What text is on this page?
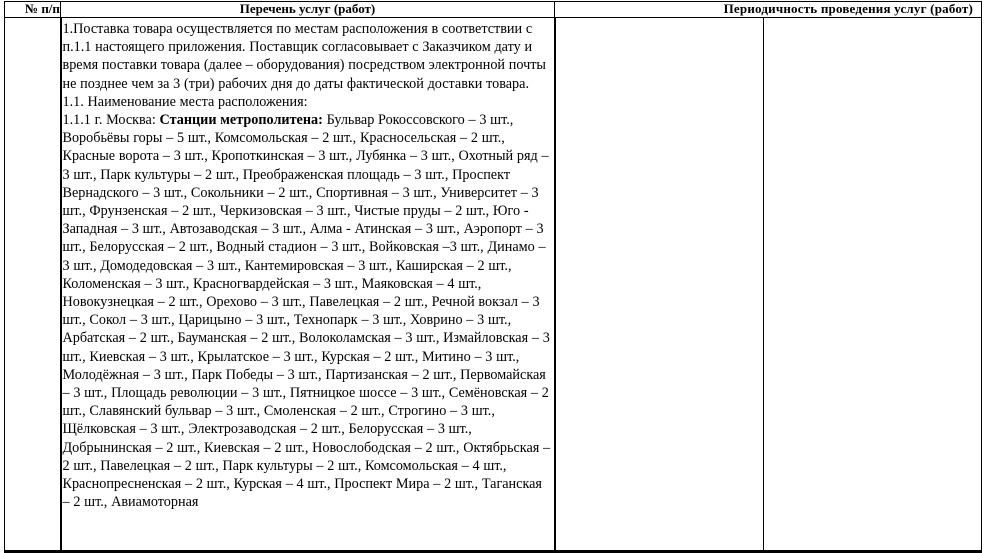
№ п/п	Перечень услуг (работ)	Периодичность проведения услуг (работ)	

	1.Поставка товара осуществляется по местам расположения в соответствии с п.1.1 настоящего приложения. Поставщик согласовывает с Заказчиком дату и время поставки товара (далее – оборудования) посредством электронной почты не позднее чем за 3 (три) рабочих дня до даты фактической доставки товара.

1.1. Наименование места расположения:

1.1.1 г. Москва: Станции метрополитена: Бульвар Рокоссовского – 3 шт., Воробьёвы горы – 5 шт., Комсомольская – 2 шт., Красносельская – 2 шт., Красные ворота – 3 шт., Кропоткинская – 3 шт., Лубянка – 3 шт., Охотный ряд – 3 шт., Парк культуры – 2 шт., Преображенская площадь – 3 шт., Проспект Вернадского – 3 шт., Сокольники – 2 шт., Спортивная – 3 шт., Университет – 3 шт., Фрунзенская – 2 шт., Черкизовская – 3 шт., Чистые пруды – 2 шт., Юго - Западная – 3 шт., Автозаводская – 3 шт., Алма - Атинская – 3 шт., Аэропорт – 3 шт., Белорусская – 2 шт., Водный стадион – 3 шт., Войковская –3 шт., Динамо – 3 шт., Домодедовская – 3 шт., Кантемировская – 3 шт., Каширская – 2 шт., Коломенская – 3 шт., Красногвардейская – 3 шт., Маяковская – 4 шт., Новокузнецкая – 2 шт., Орехово – 3 шт., Павелецкая – 2 шт., Речной вокзал – 3 шт., Сокол – 3 шт., Царицыно – 3 шт., Технопарк – 3 шт., Ховрино – 3 шт., Арбатская – 2 шт., Бауманская – 2 шт., Волоколамская – 3 шт., Измайловская – 3 шт., Киевская – 3 шт., Крылатское – 3 шт., Курская – 2 шт., Митино – 3 шт., Молодёжная – 3 шт., Парк Победы – 3 шт., Партизанская – 2 шт., Первомайская – 3 шт., Площадь революции – 3 шт., Пятницкое шоссе – 3 шт., Семёновская – 2 шт., Славянский бульвар – 3 шт., Смоленская – 2 шт., Строгино – 3 шт., Щёлковская – 3 шт., Электрозаводская – 2 шт., Белорусская – 3 шт., Добрынинская – 2 шт., Киевская – 2 шт., Новослободская – 2 шт., Октябрьская – 2 шт., Павелецкая – 2 шт., Парк культуры – 2 шт., Комсомольская – 4 шт., Краснопресненская – 2 шт., Курская – 4 шт., Проспект Мира – 2 шт., Таганская – 2 шт., Авиамоторная		
